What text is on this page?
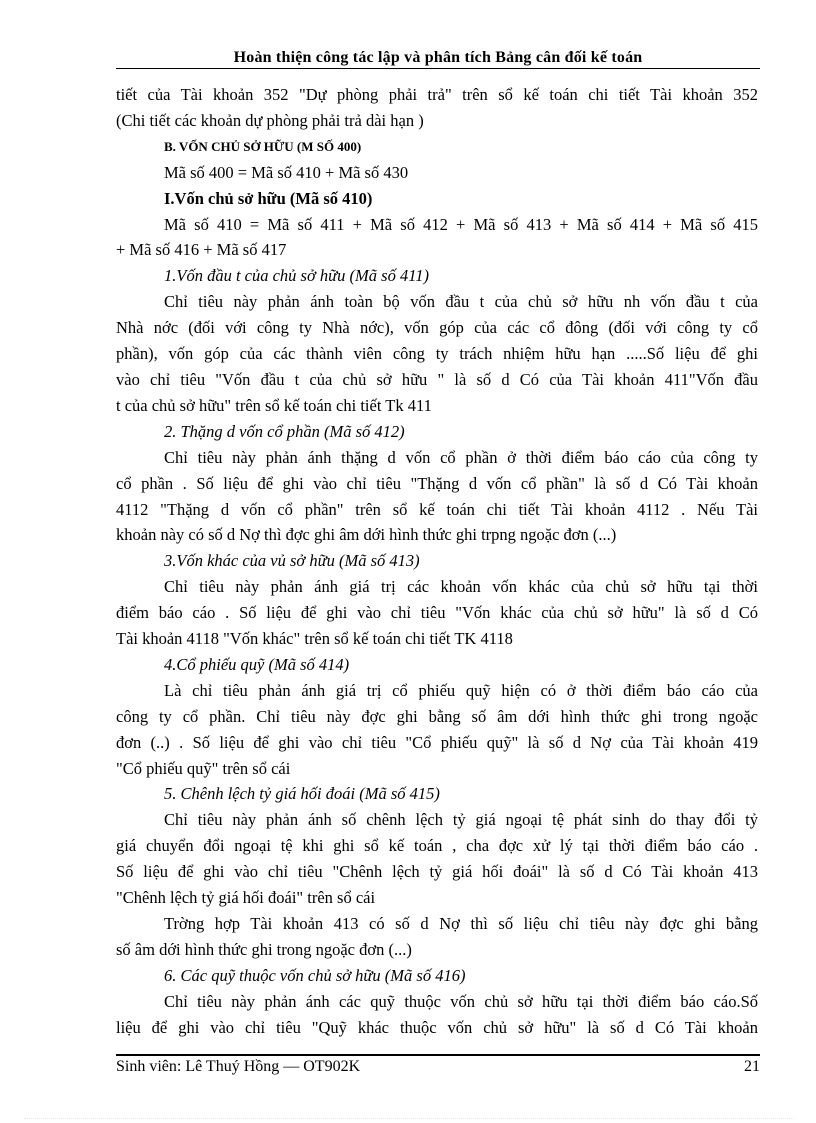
Hoàn thiện công tác lập và phân tích Bảng cân đối kế toán
tiết của Tài khoản 352 "Dự phòng phải trả" trên sổ kế toán chi tiết Tài khoản 352
(Chi tiết các khoản dự phòng phải trả dài hạn )
B. VỐN CHỦ SỞ HỮU (M SỐ 400)
Mã số 400 = Mã số 410 + Mã số 430
I.Vốn chủ sở hữu (Mã số 410)
Mã số 410 = Mã số 411 + Mã số 412 + Mã số 413 + Mã số 414 + Mã số 415
+ Mã số 416 + Mã số 417
1.Vốn đầu t của chủ sở hữu (Mã số 411)
Chỉ tiêu này phản ánh toàn bộ vốn đầu t của chủ sở hữu nh vốn đầu t của
Nhà nớc (đối với công ty Nhà nớc), vốn góp của các cổ đông (đối với công ty cổ
phần), vốn góp của các thành viên công ty trách nhiệm hữu hạn .....Số liệu để ghi
vào chỉ tiêu "Vốn đầu t của chủ sở hữu " là số d Có của Tài khoản 411"Vốn đầu
t của chủ sở hữu" trên sổ kế toán chi tiết Tk 411
2. Thặng d vốn cổ phần (Mã số 412)
Chỉ tiêu này phản ánh thặng d vốn cổ phần ở thời điểm báo cáo của công ty
cổ phần . Số liệu để ghi vào chỉ tiêu "Thặng d vốn cổ phần" là số d Có Tài khoản
4112 "Thặng d vốn cổ phần" trên sổ kế toán chi tiết Tài khoản 4112 . Nếu Tài
khoản này có số d Nợ thì đợc ghi âm dới hình thức ghi trpng ngoặc đơn (...)
3.Vốn khác của vủ sở hữu (Mã số 413)
Chỉ tiêu này phản ánh giá trị các khoản vốn khác của chủ sở hữu tại thời
điểm báo cáo . Số liệu để ghi vào chỉ tiêu "Vốn khác của chủ sở hữu" là số d Có
Tài khoản 4118 "Vốn khác" trên sổ kế toán chi tiết TK 4118
4.Cổ phiếu quỹ (Mã số 414)
Là chỉ tiêu phản ánh giá trị cổ phiếu quỹ hiện có ở thời điểm báo cáo của
công ty cổ phần. Chỉ tiêu này đợc ghi bằng số âm dới hình thức ghi trong ngoặc
đơn (..) . Số liệu để ghi vào chỉ tiêu "Cổ phiếu quỹ" là số d Nợ của Tài khoản 419
"Cổ phiếu quỹ" trên sổ cái
5. Chênh lệch tỷ giá hối đoái (Mã số 415)
Chỉ tiêu này phản ánh số chênh lệch tỷ giá ngoại tệ phát sinh do thay đổi tỷ
giá chuyển đổi ngoại tệ khi ghi sổ kế toán , cha đợc xử lý tại thời điểm báo cáo .
Số liệu để ghi vào chỉ tiêu "Chênh lệch tỷ giá hối đoái" là số d Có Tài khoản 413
"Chênh lệch tỷ giá hối đoái" trên sổ cái
Trờng hợp Tài khoản 413 có số d Nợ thì số liệu chỉ tiêu này đợc ghi bằng
số âm dới hình thức ghi trong ngoặc đơn (...)
6. Các quỹ thuộc vốn chủ sở hữu (Mã số 416)
Chỉ tiêu này phản ánh các quỹ thuộc vốn chủ sở hữu tại thời điểm báo cáo.Số
liệu để ghi vào chỉ tiêu "Quỹ khác thuộc vốn chủ sở hữu" là số d Có Tài khoản
Sinh viên: Lê Thuý Hồng — OT902K	21
